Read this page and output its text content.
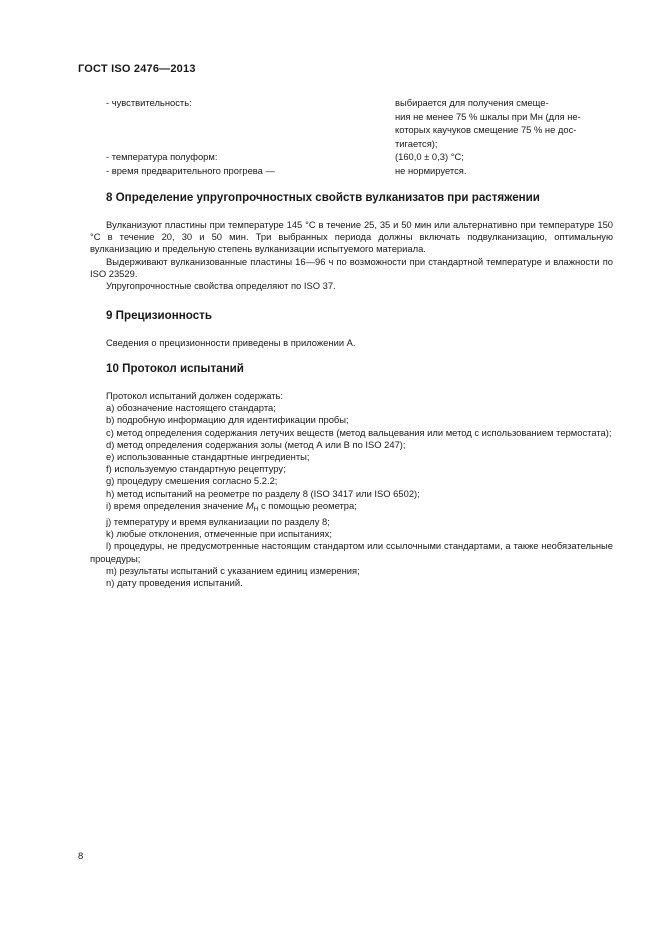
ГОСТ ISO 2476—2013
- чувствительность:	выбирается для получения смеще-
ния не менее 75 % шкалы при Mн (для не-
которых каучуков смещение 75 % не дос-
тигается);
- температура полуформ:	(160,0 ± 0,3) °C;
- время предварительного прогрева —	не нормируется.
8 Определение упругопрочностных свойств вулканизатов при растяжении

Вулканизуют пластины при температуре 145 °С в течение 25, 35 и 50 мин или альтернативно при температуре 150 °С в течение 20, 30 и 50 мин. Три выбранных периода должны включать подвулканизацию, оптимальную вулканизацию и предельную степень вулканизации испытуемого материала.

Выдерживают вулканизованные пластины 16—96 ч по возможности при стандартной температуре и влажности по ISO 23529.

Упругопрочностные свойства определяют по ISO 37.

9 Прецизионность

Сведения о прецизионности приведены в приложении А.

10 Протокол испытаний

Протокол испытаний должен содержать:

а) обозначение настоящего стандарта;

b) подробную информацию для идентификации пробы;

с) метод определения содержания летучих веществ (метод вальцевания или метод с использованием термостата);

d) метод определения содержания золы (метод А или В по ISO 247);

е) использованные стандартные ингредиенты;

f) используемую стандартную рецептуру;

g) процедуру смешения согласно 5.2.2;

h) метод испытаний на реометре по разделу 8 (ISO 3417 или ISO 6502);

i) время определения значение $M_H$ с помощью реометра;

j) температуру и время вулканизации по разделу 8;

k) любые отклонения, отмеченные при испытаниях;

l) процедуры, не предусмотренные настоящим стандартом или ссылочными стандартами, а также необязательные процедуры;

m) результаты испытаний с указанием единиц измерения;

n) дату проведения испытаний.

8
